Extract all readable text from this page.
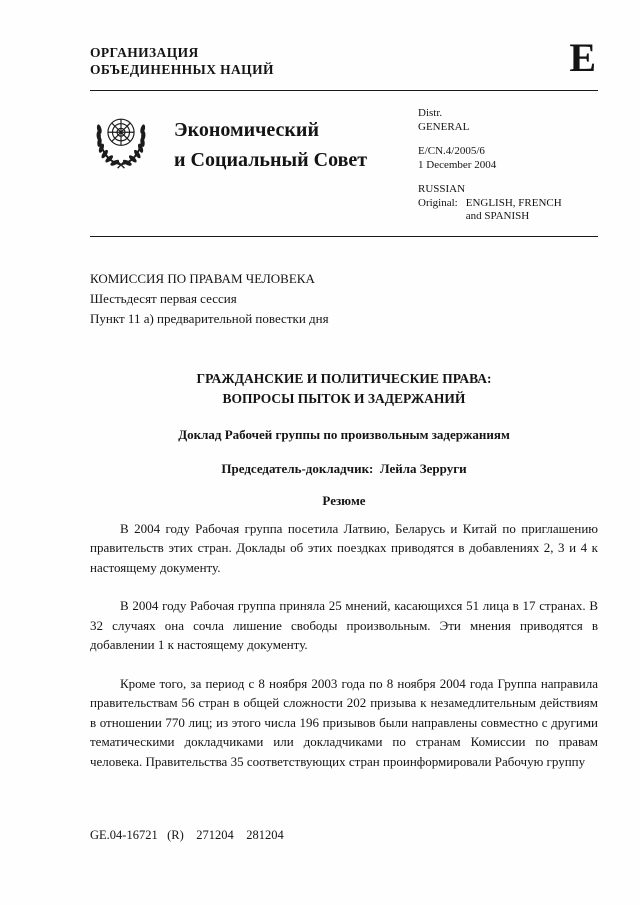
ОРГАНИЗАЦИЯ
ОБЪЕДИНЕННЫХ НАЦИЙ	E
Экономический
и Социальный Совет
Distr.
GENERAL
E/CN.4/2005/6
1 December 2004
RUSSIAN
Original: ENGLISH, FRENCH
and SPANISH
КОМИССИЯ ПО ПРАВАМ ЧЕЛОВЕКА
Шестьдесят первая сессия
Пункт 11 а) предварительной повестки дня
ГРАЖДАНСКИЕ И ПОЛИТИЧЕСКИЕ ПРАВА:
ВОПРОСЫ ПЫТОК И ЗАДЕРЖАНИЙ
Доклад Рабочей группы по произвольным задержаниям
Председатель-докладчик:  Лейла Зерруги
Резюме

В 2004 году Рабочая группа посетила Латвию, Беларусь и Китай по приглашению правительств этих стран. Доклады об этих поездках приводятся в добавлениях 2, 3 и 4 к настоящему документу.

В 2004 году Рабочая группа приняла 25 мнений, касающихся 51 лица в 17 странах. В 32 случаях она сочла лишение свободы произвольным. Эти мнения приводятся в добавлении 1 к настоящему документу.

Кроме того, за период с 8 ноября 2003 года по 8 ноября 2004 года Группа направила правительствам 56 стран в общей сложности 202 призыва к незамедлительным действиям в отношении 770 лиц; из этого числа 196 призывов были направлены совместно с другими тематическими докладчиками или докладчиками по странам Комиссии по правам человека. Правительства 35 соответствующих стран проинформировали Рабочую группу

GE.04-16721   (R)    271204    281204
